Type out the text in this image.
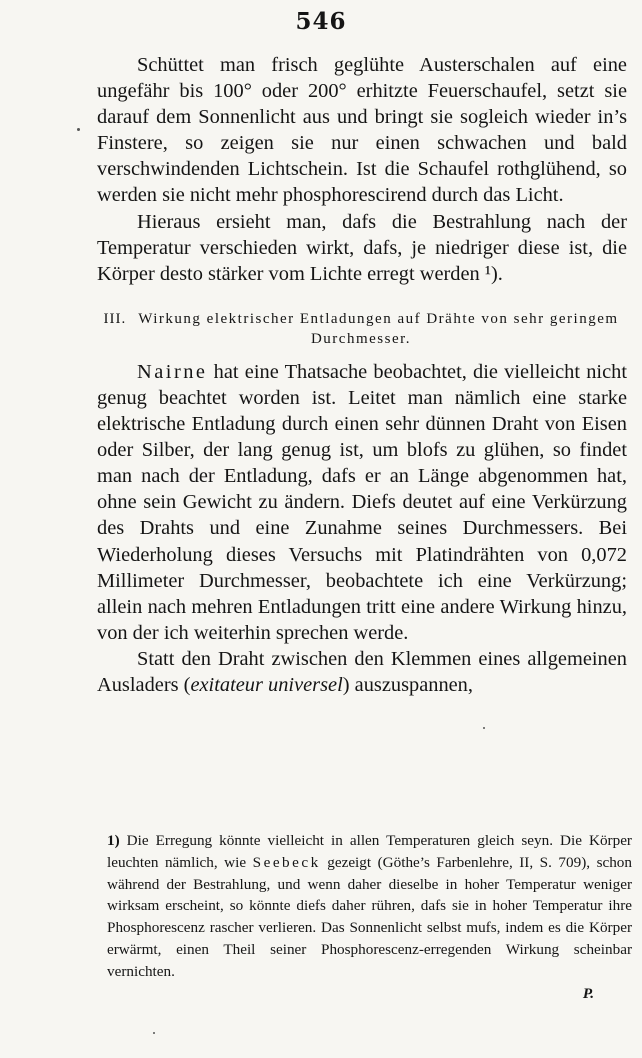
546

Schüttet man frisch geglühte Austerschalen auf eine ungefähr bis 100° oder 200° erhitzte Feuerschaufel, setzt sie darauf dem Sonnenlicht aus und bringt sie sogleich wieder in’s Finstere, so zeigen sie nur einen schwachen und bald verschwindenden Lichtschein. Ist die Schaufel rothglühend, so werden sie nicht mehr phosphorescirend durch das Licht.

Hieraus ersieht man, dafs die Bestrahlung nach der Temperatur verschieden wirkt, dafs, je niedriger diese ist, die Körper desto stärker vom Lichte erregt werden ¹).

III. Wirkung elektrischer Entladungen auf Drähte von sehr geringem Durchmesser.

Nairne hat eine Thatsache beobachtet, die vielleicht nicht genug beachtet worden ist. Leitet man nämlich eine starke elektrische Entladung durch einen sehr dünnen Draht von Eisen oder Silber, der lang genug ist, um blofs zu glühen, so findet man nach der Entladung, dafs er an Länge abgenommen hat, ohne sein Gewicht zu ändern. Diefs deutet auf eine Verkürzung des Drahts und eine Zunahme seines Durchmessers. Bei Wiederholung dieses Versuchs mit Platindrähten von 0,072 Millimeter Durchmesser, beobachtete ich eine Verkürzung; allein nach mehren Entladungen tritt eine andere Wirkung hinzu, von der ich weiterhin sprechen werde.

Statt den Draht zwischen den Klemmen eines allgemeinen Ausladers (exitateur universel) auszuspannen,

1) Die Erregung könnte vielleicht in allen Temperaturen gleich seyn. Die Körper leuchten nämlich, wie Seebeck gezeigt (Göthe’s Farbenlehre, II, S. 709), schon während der Bestrahlung, und wenn daher dieselbe in hoher Temperatur weniger wirksam erscheint, so könnte diefs daher rühren, dafs sie in hoher Temperatur ihre Phosphorescenz rascher verlieren. Das Sonnenlicht selbst mufs, indem es die Körper erwärmt, einen Theil seiner Phosphorescenz-erregenden Wirkung scheinbar vernichten.

P.
